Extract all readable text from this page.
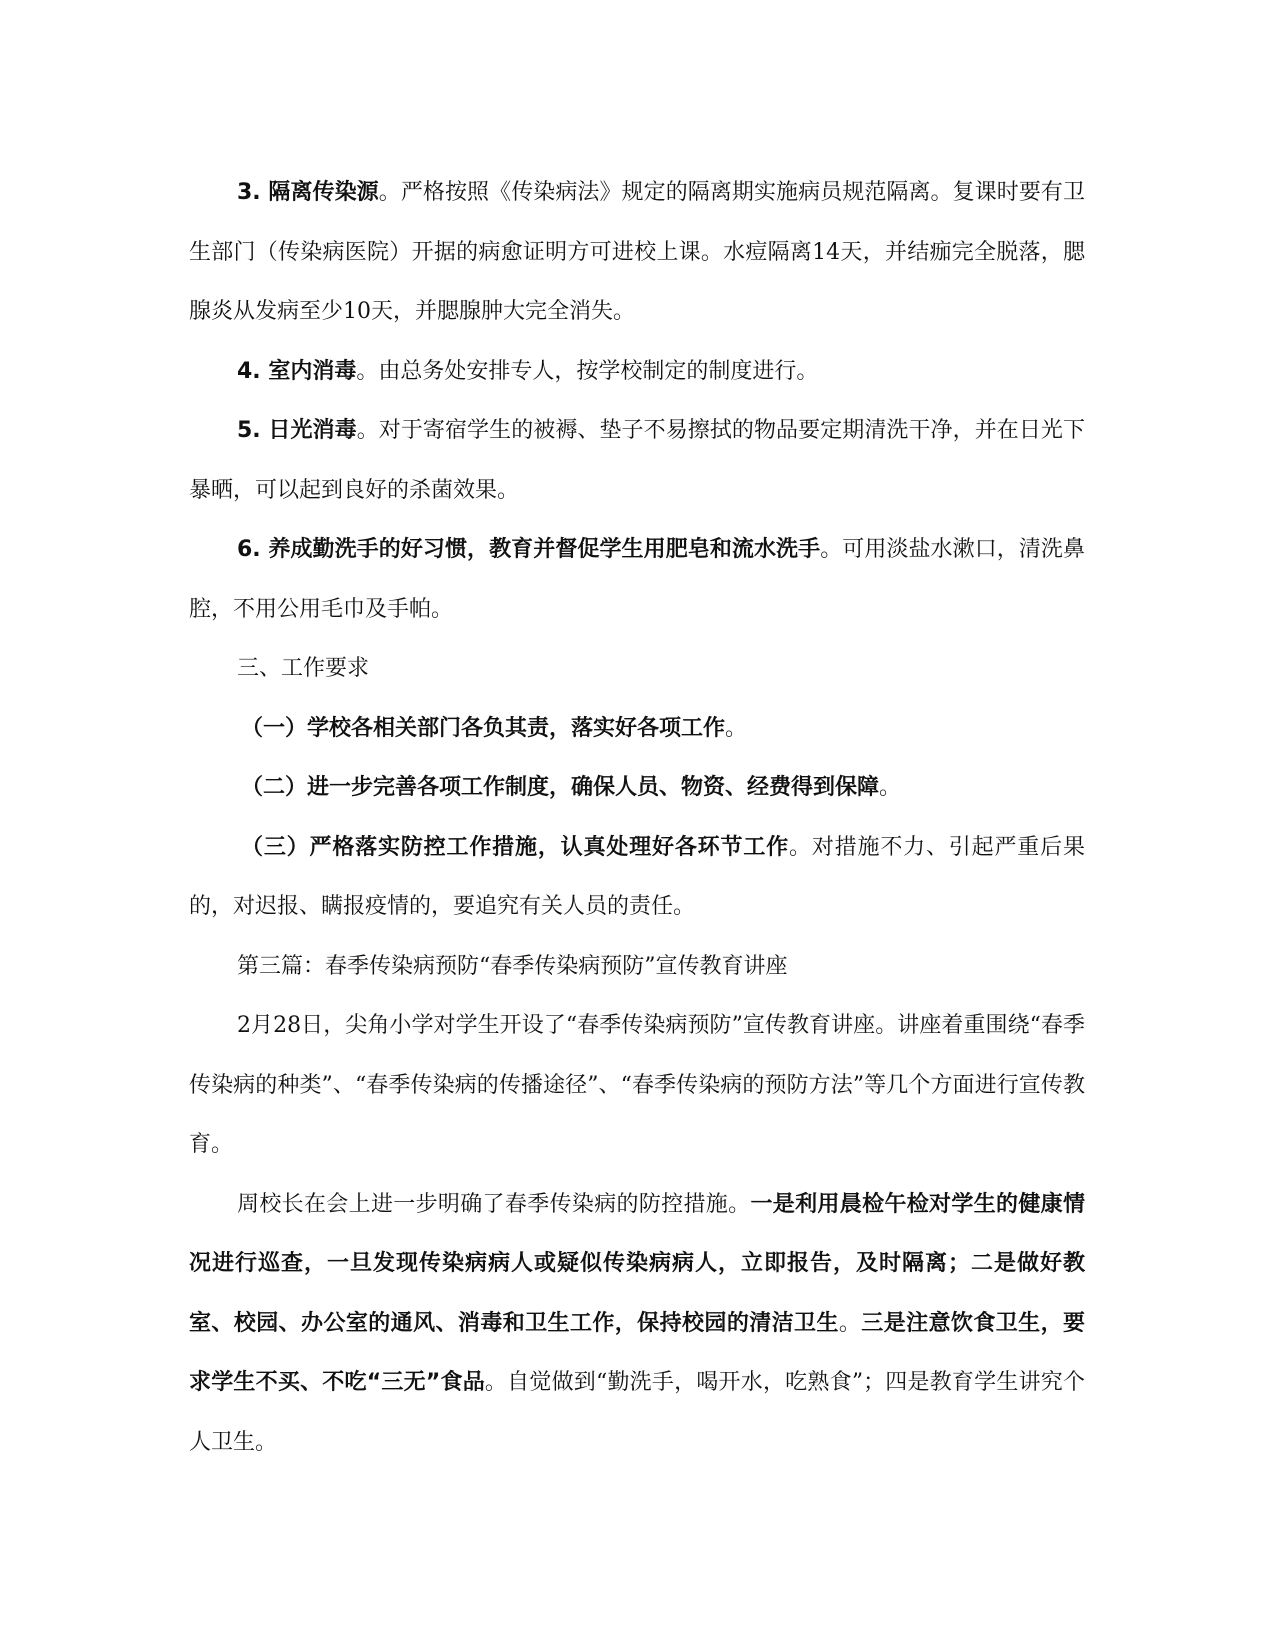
3. 隔离传染源。严格按照《传染病法》规定的隔离期实施病员规范隔离。复课时要有卫生部门（传染病医院）开据的病愈证明方可进校上课。水痘隔离14天，并结痂完全脱落，腮腺炎从发病至少10天，并腮腺肿大完全消失。

4. 室内消毒。由总务处安排专人，按学校制定的制度进行。

5. 日光消毒。对于寄宿学生的被褥、垫子不易擦拭的物品要定期清洗干净，并在日光下暴晒，可以起到良好的杀菌效果。

6. 养成勤洗手的好习惯，教育并督促学生用肥皂和流水洗手。可用淡盐水漱口，清洗鼻腔，不用公用毛巾及手帕。

三、工作要求

（一）学校各相关部门各负其责，落实好各项工作。

（二）进一步完善各项工作制度，确保人员、物资、经费得到保障。

（三）严格落实防控工作措施，认真处理好各环节工作。对措施不力、引起严重后果的，对迟报、瞒报疫情的，要追究有关人员的责任。

第三篇：春季传染病预防“春季传染病预防”宣传教育讲座

2月28日，尖角小学对学生开设了“春季传染病预防”宣传教育讲座。讲座着重围绕“春季传染病的种类”、“春季传染病的传播途径”、“春季传染病的预防方法”等几个方面进行宣传教育。

周校长在会上进一步明确了春季传染病的防控措施。一是利用晨检午检对学生的健康情况进行巡查，一旦发现传染病病人或疑似传染病病人，立即报告，及时隔离；二是做好教室、校园、办公室的通风、消毒和卫生工作，保持校园的清洁卫生。三是注意饮食卫生，要求学生不买、不吃“三无”食品。自觉做到“勤洗手，喝开水，吃熟食”；四是教育学生讲究个人卫生。
